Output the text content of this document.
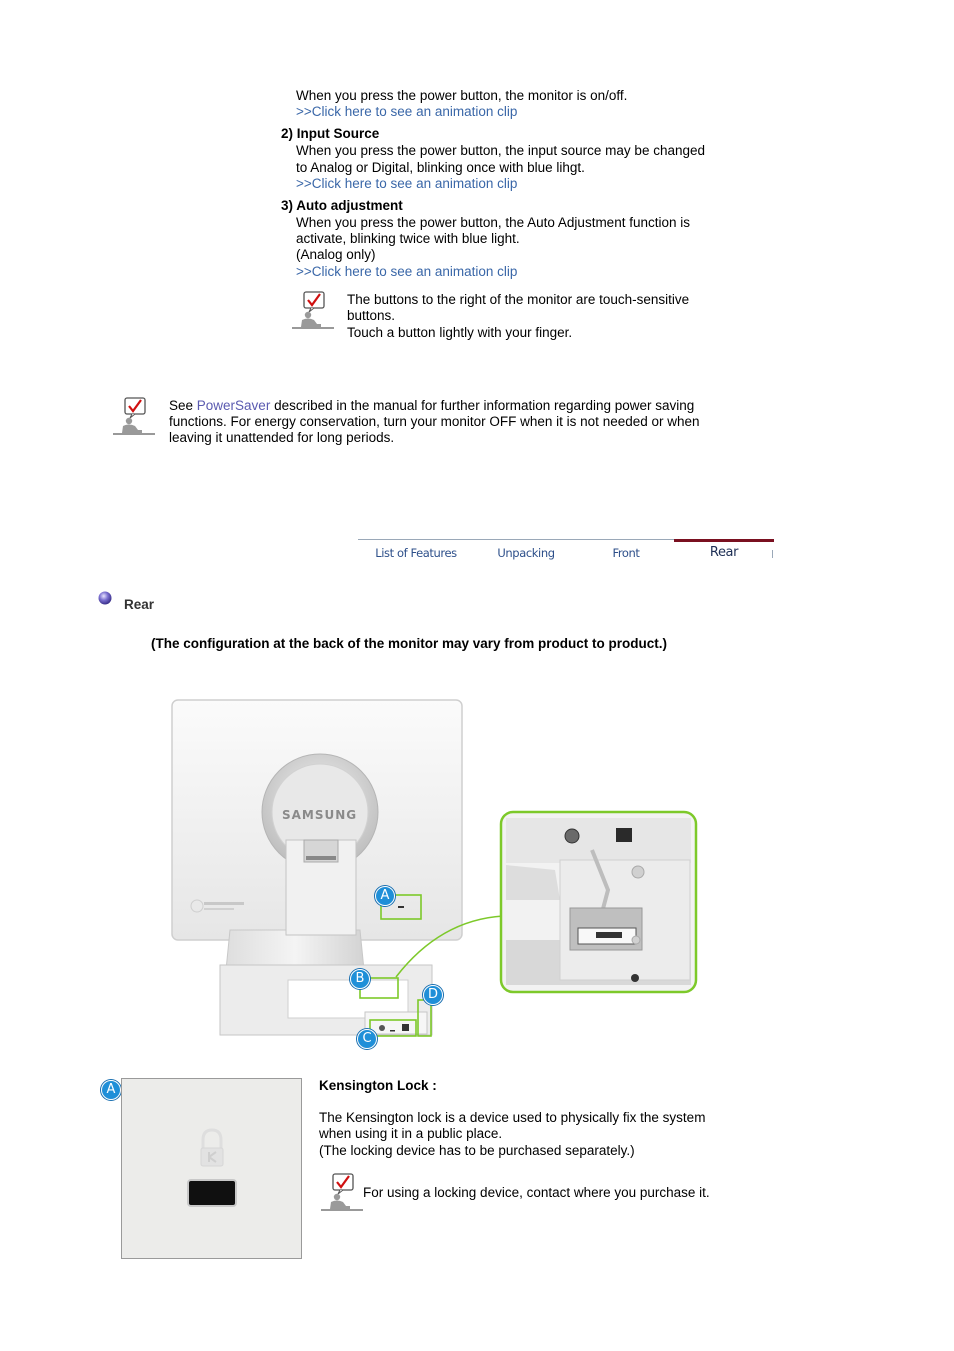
When you press the power button, the monitor is on/off.
>>Click here to see an animation clip
2) Input Source
When you press the power button, the input source may be changed
to Analog or Digital, blinking once with blue lihgt.
>>Click here to see an animation clip
3) Auto adjustment
When you press the power button, the Auto Adjustment function is
activate, blinking twice with blue light.
(Analog only)
>>Click here to see an animation clip
The buttons to the right of the monitor are touch-sensitive
buttons.
Touch a button lightly with your finger.
See PowerSaver described in the manual for further information regarding power saving
functions. For energy conservation, turn your monitor OFF when it is not needed or when
leaving it unattended for long periods.
List of Features	Unpacking	Front	Rear
Rear
(The configuration at the back of the monitor may vary from product to product.)
SAMSUNG
A
B
C
D
A	Kensington Lock :
The Kensington lock is a device used to physically fix the system
when using it in a public place.
(The locking device has to be purchased separately.)
For using a locking device, contact where you purchase it.
